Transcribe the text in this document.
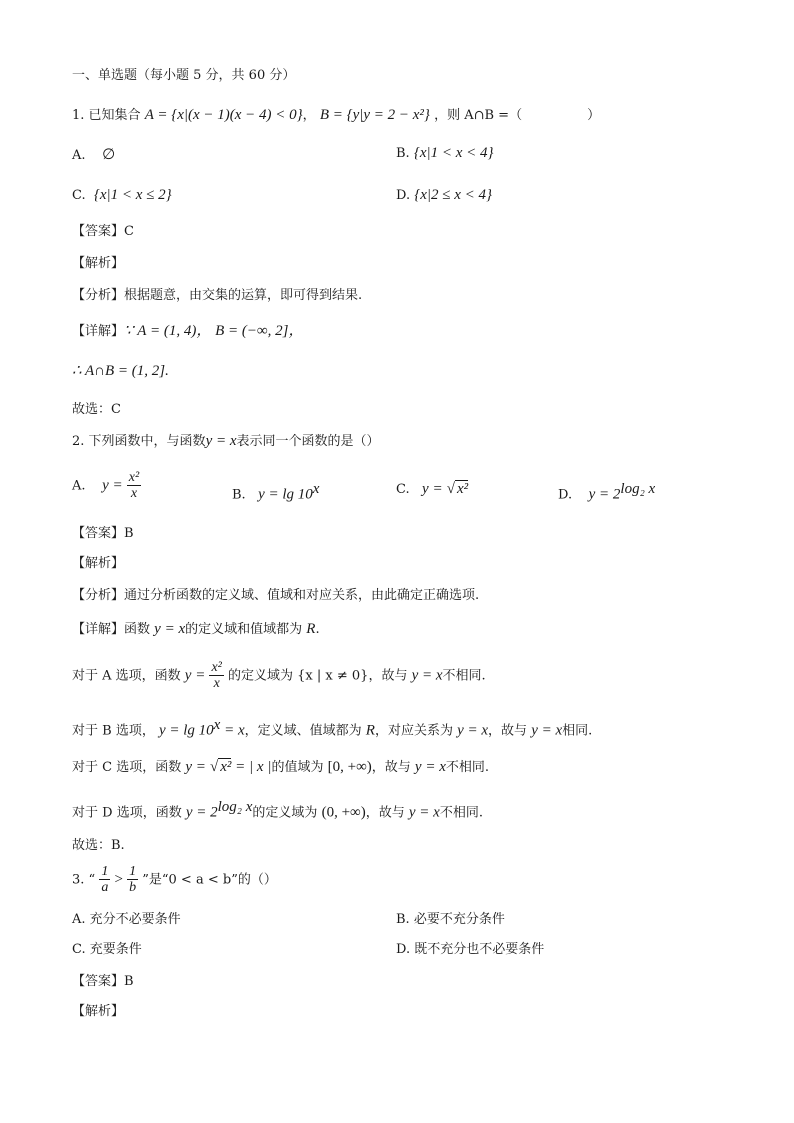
一、单选题（每小题 5 分，共 60 分）
1. 已知集合 A = {x|(x − 1)(x − 4) < 0}， B = {y|y = 2 − x²} ，则 A∩B =（　　　　　）
A. ∅	B. {x|1 < x < 4}
C. {x|1 < x ≤ 2}	D. {x|2 ≤ x < 4}
【答案】C
【解析】
【分析】根据题意，由交集的运算，即可得到结果.
【详解】∵ A = (1, 4)， B = (−∞, 2]，
∴ A∩B = (1, 2].
故选：C
2. 下列函数中，与函数y = x表示同一个函数的是（）
A. $y = \frac{\text{x²}}{x}$	B. y = lg 10$^x$	C. y = √ x²	D. $y = 2^{log_2 x}$
【答案】B
【解析】
【分析】通过分析函数的定义域、值域和对应关系，由此确定正确选项.
【详解】函数 y = x的定义域和值域都为 R.
对于 A 选项，函数 $y = \frac{\text{x²}}{x}$ 的定义域为 {x | x ≠ 0}，故与 y = x不相同.
对于 B 选项， $y = \lg 10^x = x$，定义域、值域都为 R，对应关系为 y = x，故与 y = x相同.
对于 C 选项，函数 y = √ x² = | x |的值域为 [0, +∞)，故与 y = x不相同.
对于 D 选项，函数 $y = 2^{log_2 x}$的定义域为 (0, +∞)，故与 y = x不相同.
故选：B.
3. “ $\frac{1}{a} > \frac{1}{b}$ ”是“0 < a < b”的（）
A. 充分不必要条件	B. 必要不充分条件
C. 充要条件	D. 既不充分也不必要条件
【答案】B
【解析】
